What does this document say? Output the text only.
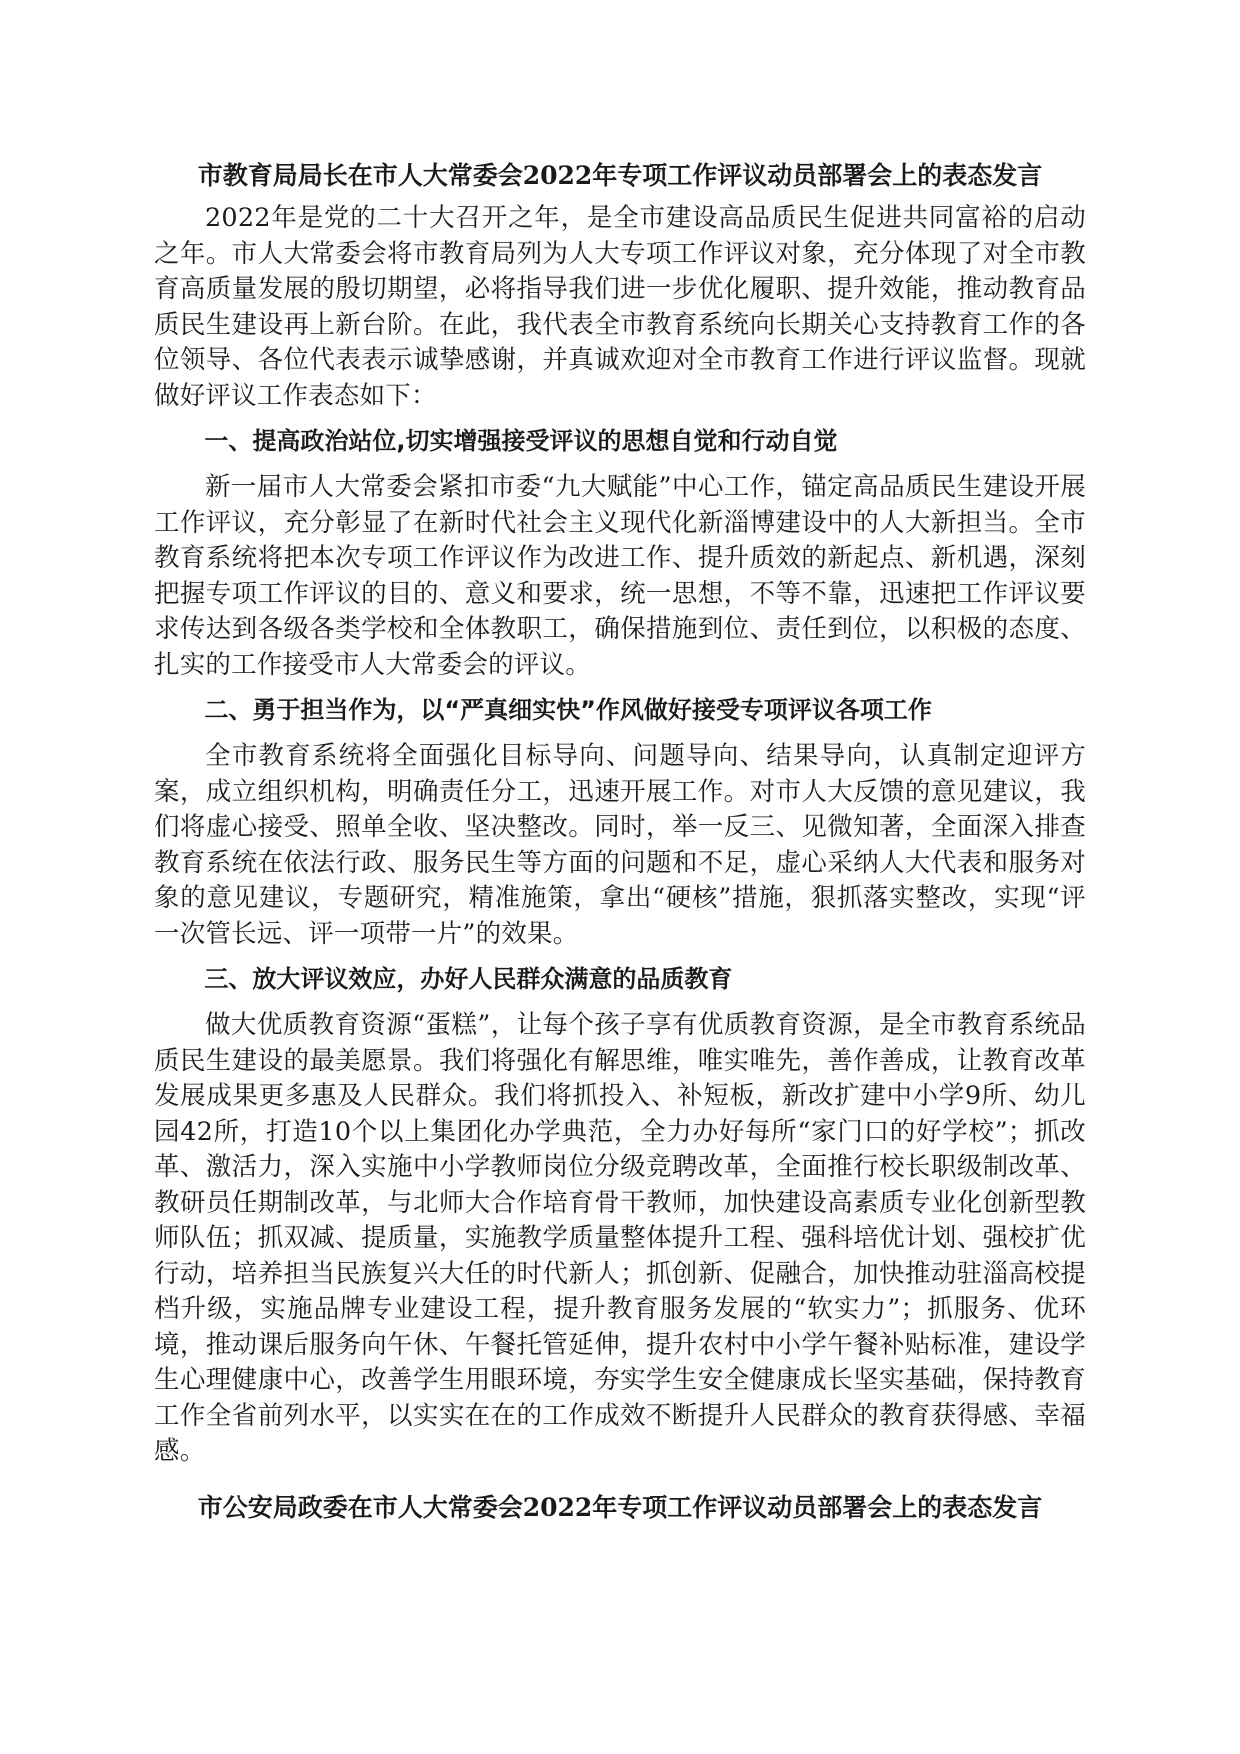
市教育局局长在市人大常委会2022年专项工作评议动员部署会上的表态发言
2022年是党的二十大召开之年，是全市建设高品质民生促进共同富裕的启动之年。市人大常委会将市教育局列为人大专项工作评议对象，充分体现了对全市教育高质量发展的殷切期望，必将指导我们进一步优化履职、提升效能，推动教育品质民生建设再上新台阶。在此，我代表全市教育系统向长期关心支持教育工作的各位领导、各位代表表示诚挚感谢，并真诚欢迎对全市教育工作进行评议监督。现就做好评议工作表态如下：
一、提高政治站位,切实增强接受评议的思想自觉和行动自觉
新一届市人大常委会紧扣市委“九大赋能”中心工作，锚定高品质民生建设开展工作评议，充分彰显了在新时代社会主义现代化新淄博建设中的人大新担当。全市教育系统将把本次专项工作评议作为改进工作、提升质效的新起点、新机遇，深刻把握专项工作评议的目的、意义和要求，统一思想，不等不靠，迅速把工作评议要求传达到各级各类学校和全体教职工，确保措施到位、责任到位，以积极的态度、扎实的工作接受市人大常委会的评议。
二、勇于担当作为，以“严真细实快”作风做好接受专项评议各项工作
全市教育系统将全面强化目标导向、问题导向、结果导向，认真制定迎评方案，成立组织机构，明确责任分工，迅速开展工作。对市人大反馈的意见建议，我们将虚心接受、照单全收、坚决整改。同时，举一反三、见微知著，全面深入排查教育系统在依法行政、服务民生等方面的问题和不足，虚心采纳人大代表和服务对象的意见建议，专题研究，精准施策，拿出“硬核”措施，狠抓落实整改，实现“评一次管长远、评一项带一片”的效果。
三、放大评议效应，办好人民群众满意的品质教育
做大优质教育资源“蛋糕”，让每个孩子享有优质教育资源，是全市教育系统品质民生建设的最美愿景。我们将强化有解思维，唯实唯先，善作善成，让教育改革发展成果更多惠及人民群众。我们将抓投入、补短板，新改扩建中小学9所、幼儿园42所，打造10个以上集团化办学典范，全力办好每所“家门口的好学校”；抓改革、激活力，深入实施中小学教师岗位分级竞聘改革，全面推行校长职级制改革、教研员任期制改革，与北师大合作培育骨干教师，加快建设高素质专业化创新型教师队伍；抓双减、提质量，实施教学质量整体提升工程、强科培优计划、强校扩优行动，培养担当民族复兴大任的时代新人；抓创新、促融合，加快推动驻淄高校提档升级，实施品牌专业建设工程，提升教育服务发展的“软实力”；抓服务、优环境，推动课后服务向午休、午餐托管延伸，提升农村中小学午餐补贴标准，建设学生心理健康中心，改善学生用眼环境，夯实学生安全健康成长坚实基础，保持教育工作全省前列水平，以实实在在的工作成效不断提升人民群众的教育获得感、幸福感。
市公安局政委在市人大常委会2022年专项工作评议动员部署会上的表态发言
